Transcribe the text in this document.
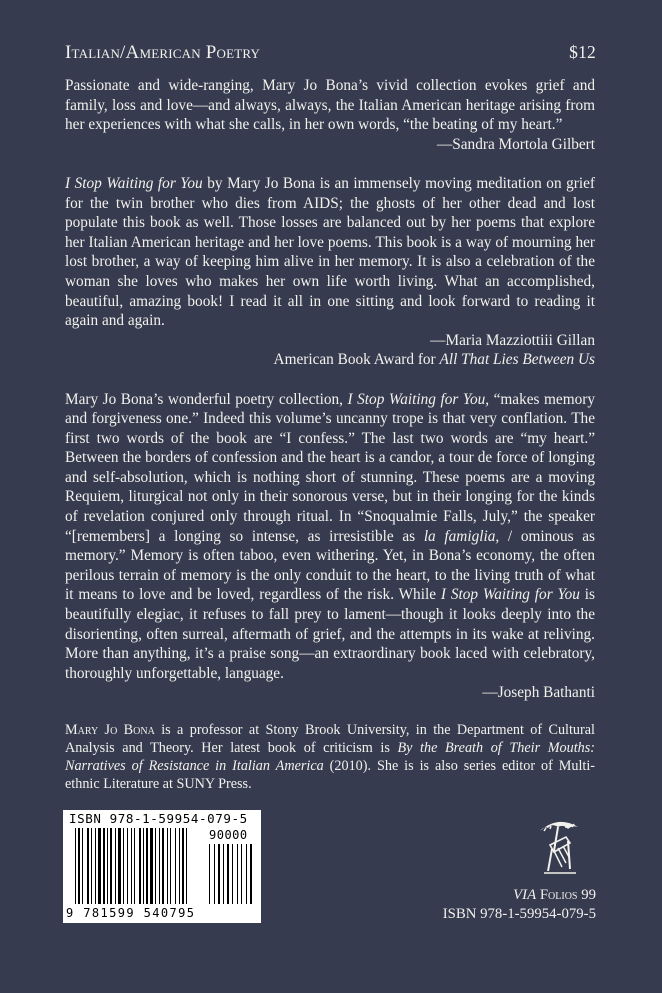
Italian/American Poetry	$12

Passionate and wide-ranging, Mary Jo Bona’s vivid collection evokes grief and family, loss and love—and always, always, the Italian American heritage arising from her experiences with what she calls, in her own words, “the beating of my heart.”

—Sandra Mortola Gilbert

I Stop Waiting for You by Mary Jo Bona is an immensely moving meditation on grief for the twin brother who dies from AIDS; the ghosts of her other dead and lost populate this book as well. Those losses are balanced out by her poems that explore her Italian American heritage and her love poems. This book is a way of mourning her lost brother, a way of keeping him alive in her memory. It is also a celebration of the woman she loves who makes her own life worth living. What an accomplished, beautiful, amazing book! I read it all in one sitting and look forward to reading it again and again.

—Maria Mazziottiii Gillan

American Book Award for All That Lies Between Us

Mary Jo Bona’s wonderful poetry collection, I Stop Waiting for You, “makes memory and forgiveness one.” Indeed this volume’s uncanny trope is that very conflation. The first two words of the book are “I confess.” The last two words are “my heart.” Between the borders of confession and the heart is a candor, a tour de force of longing and self-absolution, which is nothing short of stunning. These poems are a moving Requiem, liturgical not only in their sonorous verse, but in their longing for the kinds of revelation conjured only through ritual. In “Snoqualmie Falls, July,” the speaker “[remembers] a longing so intense, as irresistible as la famiglia, / ominous as memory.” Memory is often taboo, even withering. Yet, in Bona’s economy, the often perilous terrain of memory is the only conduit to the heart, to the living truth of what it means to love and be loved, regardless of the risk. While I Stop Waiting for You is beautifully elegiac, it refuses to fall prey to lament—though it looks deeply into the disorienting, often surreal, aftermath of grief, and the attempts in its wake at reliving. More than anything, it’s a praise song—an extraordinary book laced with celebratory, thoroughly unforgettable, language.

—Joseph Bathanti

Mary Jo Bona is a professor at Stony Brook University, in the Department of Cultural Analysis and Theory. Her latest book of criticism is By the Breath of Their Mouths: Narratives of Resistance in Italian America (2010). She is is also series editor of Multi-ethnic Literature at SUNY Press.

ISBN 978-1-59954-079-5
90000
9 781599 540795
VIA Folios 99
ISBN 978-1-59954-079-5
